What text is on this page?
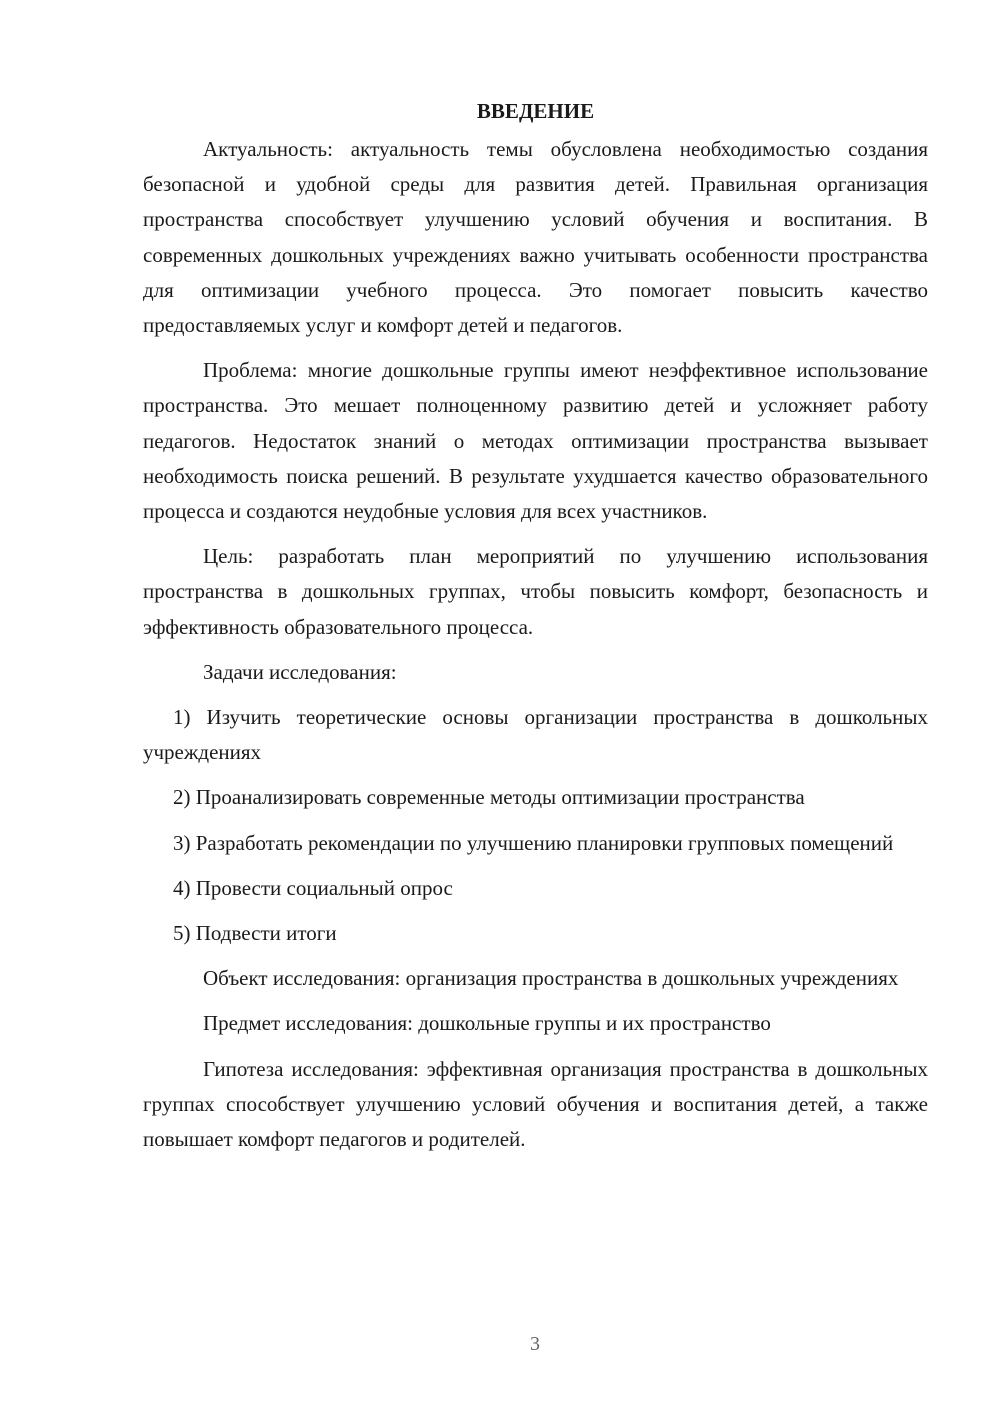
ВВЕДЕНИЕ

Актуальность: актуальность темы обусловлена необходимостью создания безопасной и удобной среды для развития детей. Правильная организация пространства способствует улучшению условий обучения и воспитания. В современных дошкольных учреждениях важно учитывать особенности пространства для оптимизации учебного процесса. Это помогает повысить качество предоставляемых услуг и комфорт детей и педагогов.

Проблема: многие дошкольные группы имеют неэффективное использование пространства. Это мешает полноценному развитию детей и усложняет работу педагогов. Недостаток знаний о методах оптимизации пространства вызывает необходимость поиска решений. В результате ухудшается качество образовательного процесса и создаются неудобные условия для всех участников.

Цель: разработать план мероприятий по улучшению использования пространства в дошкольных группах, чтобы повысить комфорт, безопасность и эффективность образовательного процесса.

Задачи исследования:

1) Изучить теоретические основы организации пространства в дошкольных учреждениях

2) Проанализировать современные методы оптимизации пространства

3) Разработать рекомендации по улучшению планировки групповых помещений

4) Провести социальный опрос

5) Подвести итоги

Объект исследования: организация пространства в дошкольных учреждениях

Предмет исследования: дошкольные группы и их пространство

Гипотеза исследования: эффективная организация пространства в дошкольных группах способствует улучшению условий обучения и воспитания детей, а также повышает комфорт педагогов и родителей.

3
